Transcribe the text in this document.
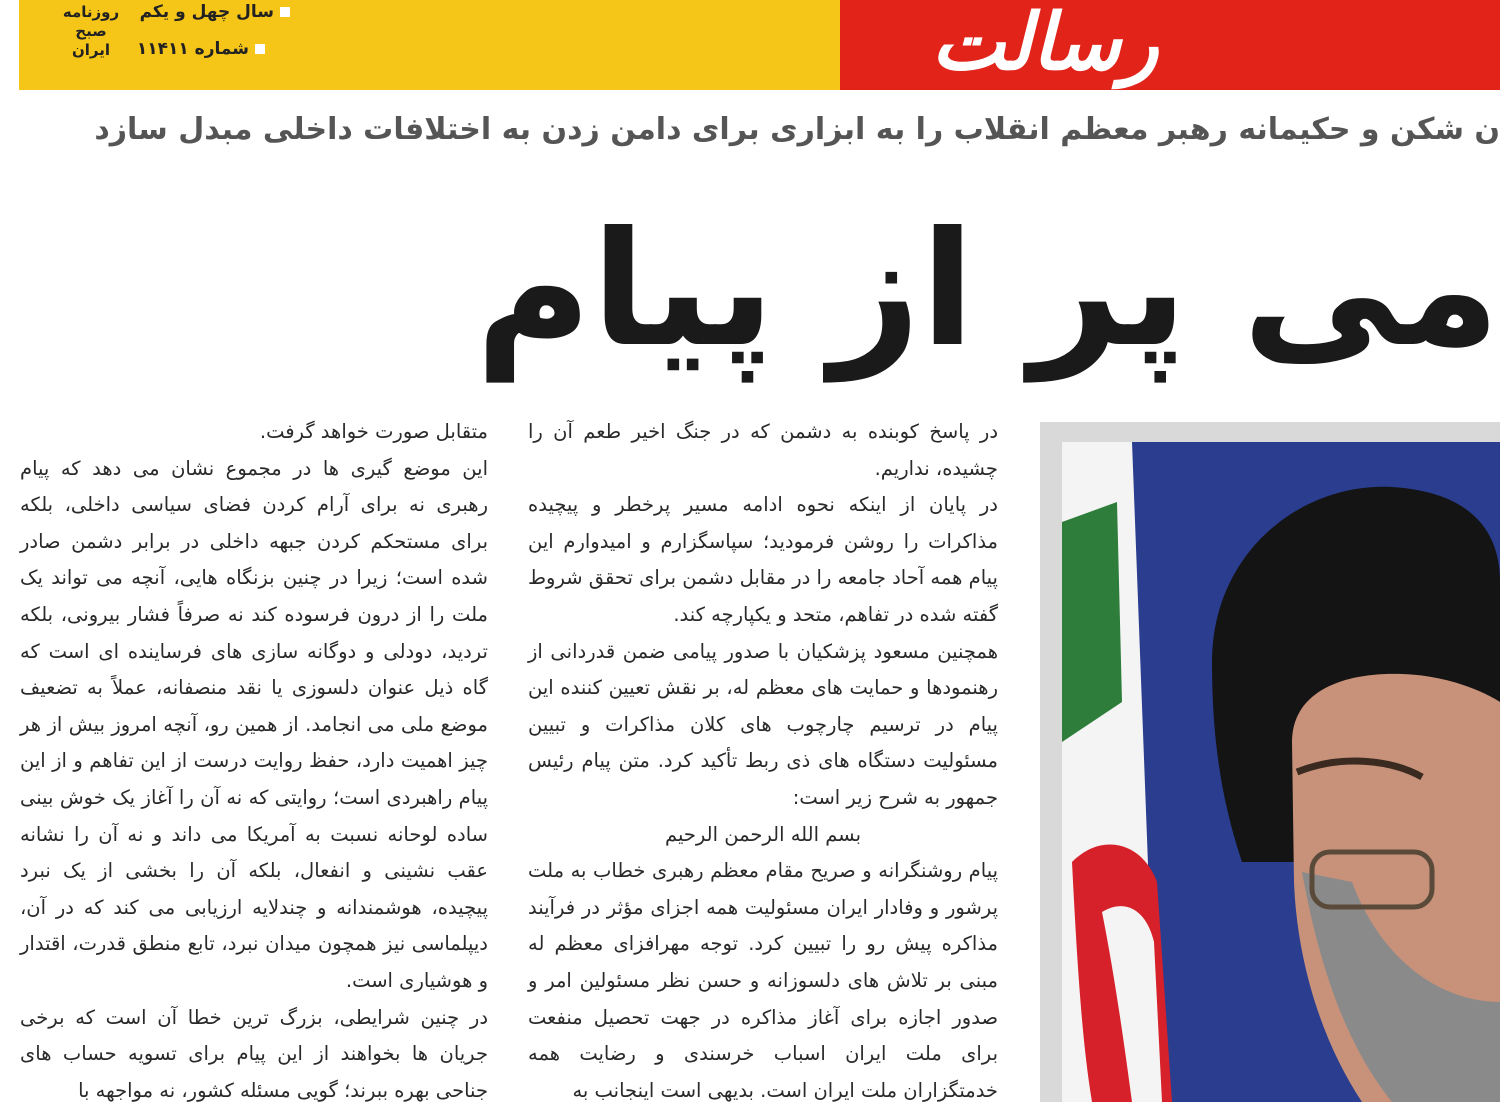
رسالت
روزنامه
صبح
ایران
سال چهل و یکم
شماره ۱۱۴۱۱
ن شکن و حکیمانه رهبر معظم انقلاب را به ابزاری برای دامن زدن به اختلافات داخلی مبدل سازد
می پر از پیام

در پاسخ کوبنده به دشمن که در جنگ اخیر طعم آن را چشیده، نداریم.

در پایان از اینکه نحوه ادامه مسیر پرخطر و پیچیده مذاکرات را روشن فرمودید؛ سپاسگزارم و امیدوارم این پیام همه آحاد جامعه را در مقابل دشمن برای تحقق شروط گفته شده در تفاهم، متحد و یکپارچه کند.

همچنین مسعود پزشکیان با صدور پیامی ضمن قدردانی از رهنمودها و حمایت های معظم له، بر نقش تعیین کننده این پیام در ترسیم چارچوب های کلان مذاکرات و تبیین مسئولیت دستگاه های ذی ربط تأکید کرد. متن پیام رئیس جمهور به شرح زیر است:

بسم الله الرحمن الرحیم

پیام روشنگرانه و صریح مقام معظم رهبری خطاب به ملت پرشور و وفادار ایران مسئولیت همه اجزای مؤثر در فرآیند مذاکره پیش رو را تبیین کرد. توجه مهرافزای معظم له مبنی بر تلاش های دلسوزانه و حسن نظر مسئولین امر و صدور اجازه برای آغاز مذاکره در جهت تحصیل منفعت برای ملت ایران اسباب خرسندی و رضایت همه خدمتگزاران ملت ایران است. بدیهی است اینجانب به

متقابل صورت خواهد گرفت.

این موضع گیری ها در مجموع نشان می دهد که پیام رهبری نه برای آرام کردن فضای سیاسی داخلی، بلکه برای مستحکم کردن جبهه داخلی در برابر دشمن صادر شده است؛ زیرا در چنین بزنگاه هایی، آنچه می تواند یک ملت را از درون فرسوده کند نه صرفاً فشار بیرونی، بلکه تردید، دودلی و دوگانه سازی های فرساینده ای است که گاه ذیل عنوان دلسوزی یا نقد منصفانه، عملاً به تضعیف موضع ملی می انجامد. از همین رو، آنچه امروز بیش از هر چیز اهمیت دارد، حفظ روایت درست از این تفاهم و از این پیام راهبردی است؛ روایتی که نه آن را آغاز یک خوش بینی ساده لوحانه نسبت به آمریکا می داند و نه آن را نشانه عقب نشینی و انفعال، بلکه آن را بخشی از یک نبرد پیچیده، هوشمندانه و چندلایه ارزیابی می کند که در آن، دیپلماسی نیز همچون میدان نبرد، تابع منطق قدرت، اقتدار و هوشیاری است.

در چنین شرایطی، بزرگ ترین خطا آن است که برخی جریان ها بخواهند از این پیام برای تسویه حساب های جناحی بهره ببرند؛ گویی مسئله کشور، نه مواجهه با
